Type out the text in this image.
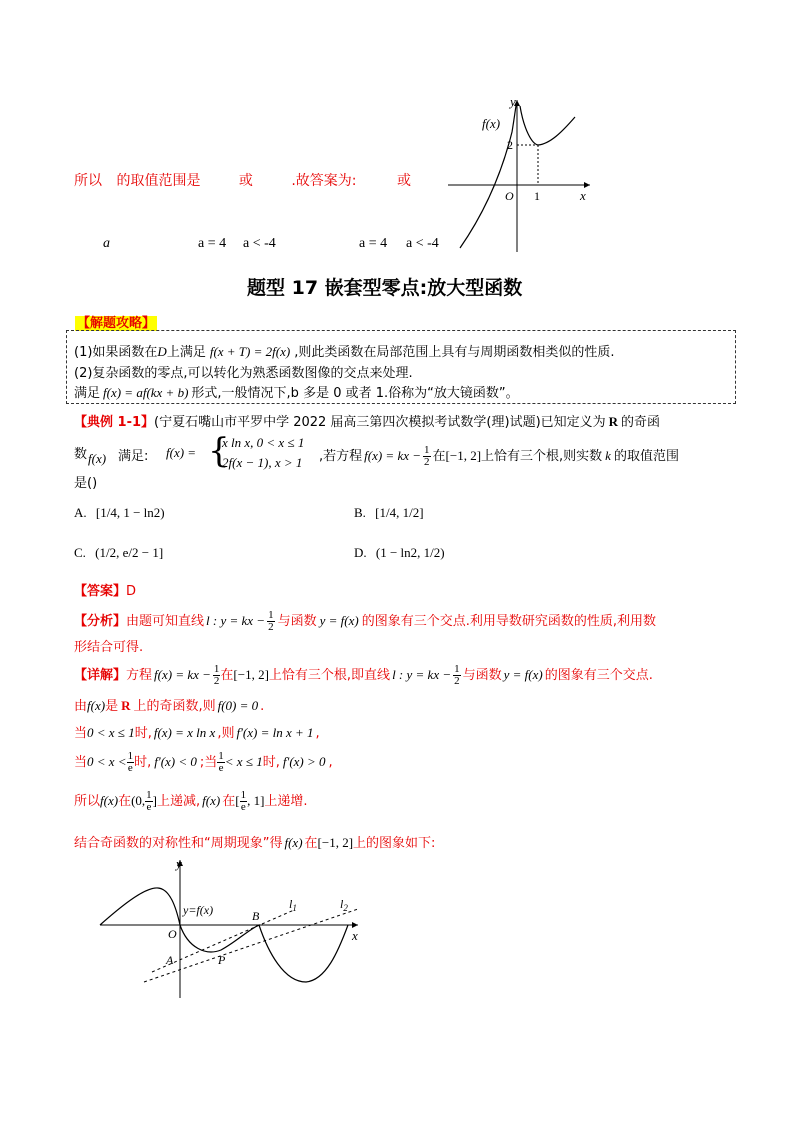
所以 的取值范围是	或	.故答案为:	或
a	a = 4 a < -4	a = 4 a < -4
y
x
O
f(x)
2
1
题型 17 嵌套型零点:放大型函数
【解题攻略】
(1)如果函数在D上满足 f(x + T) = 2f(x) ,则此类函数在局部范围上具有与周期函数相类似的性质.
(2)复杂函数的零点,可以转化为熟悉函数图像的交点来处理.
满足 f(x) = af(kx + b) 形式,一般情况下,b 多是 0 或者 1.俗称为“放大镜函数”。
【典例 1-1】(宁夏石嘴山市平罗中学 2022 届高三第四次模拟考试数学(理)试题)已知定义为 R 的奇函
数 f(x) 满足: f(x) = {
x ln x, 0 < x ≤ 1
2f(x − 1), x > 1 ,若方程 f(x) = kx − $\frac{1}{2}$ 在[−1, 2]上恰有三个根,则实数 k 的取值范围
是()
A. [1/4, 1 − ln2)	B. [1/4, 1/2]
C. (1/2, e/2 − 1]	D. (1 − ln2, 1/2)
【答案】D
【分析】由题可知直线 l : y = kx − $\frac{1}{2}$ 与函数 y = f(x) 的图象有三个交点.利用导数研究函数的性质,利用数
形结合可得.
【详解】方程 f(x) = kx − $\frac{1}{2}$ 在[−1, 2]上恰有三个根,即直线 l : y = kx − $\frac{1}{2}$ 与函数 y = f(x) 的图象有三个交点.
由f(x)是 R 上的奇函数,则 f(0) = 0 .
当0 < x ≤ 1时, f(x) = x ln x ,则 f′(x) = ln x + 1 ,
当$0 < x < \frac{1}{e}$ 时, f′(x) < 0 ;当 $\frac{1}{e} < x \le 1$时, f′(x) > 0 ,
所以f(x)在(0, $\frac{1}{e}$ ]上递减, f(x) 在[ $\frac{1}{e}$ , 1]上递增.
结合奇函数的对称性和“周期现象”得 f(x) 在[−1, 2]上的图象如下:
y
x
O
y=f(x)	B
A	P
$l_1$	$l_2$
